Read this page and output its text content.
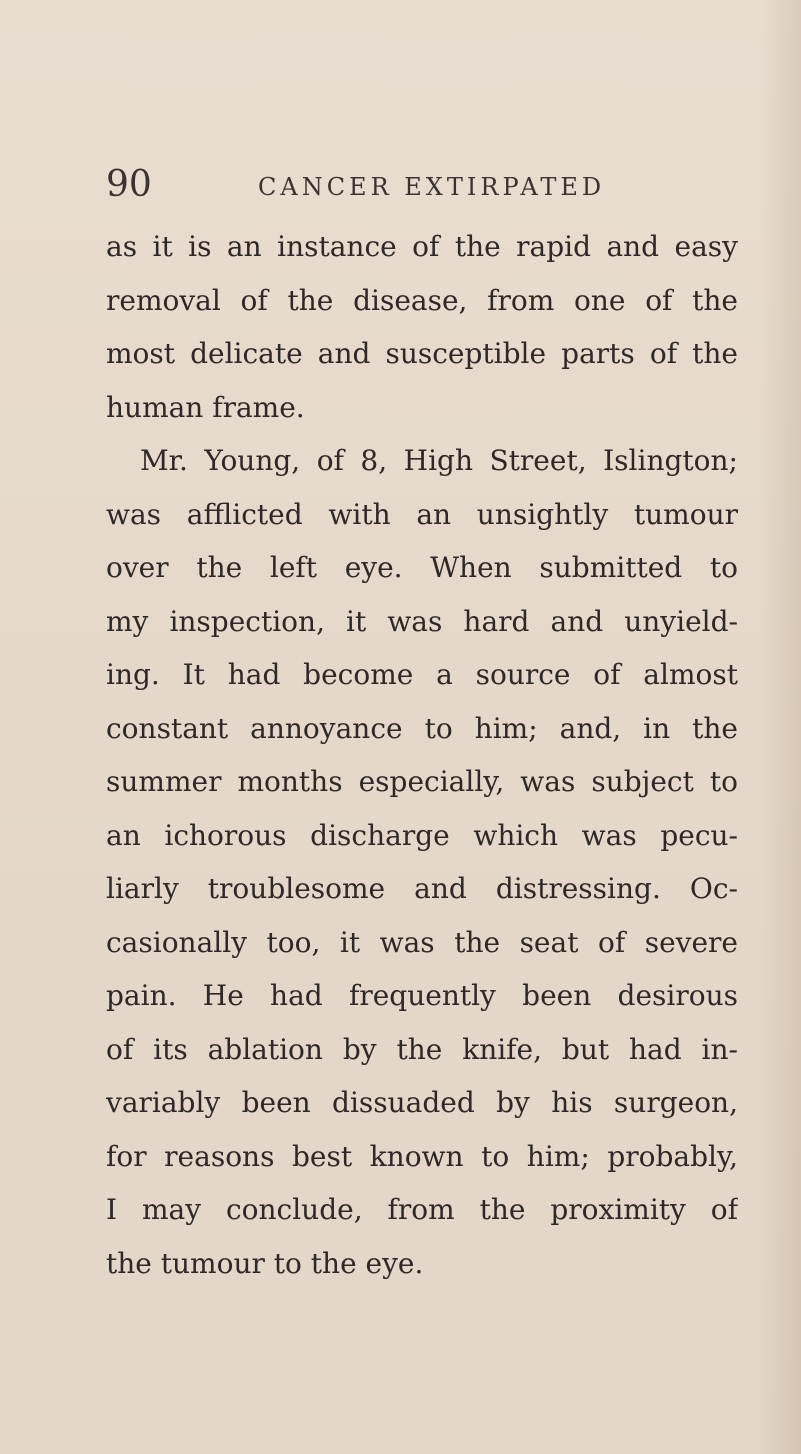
90	CANCER EXTIRPATED
as it is an instance of the rapid and easy
removal of the disease, from one of the
most delicate and susceptible parts of the
human frame.
Mr. Young, of 8, High Street, Islington;
was afflicted with an unsightly tumour
over the left eye. When submitted to
my inspection, it was hard and unyield-
ing. It had become a source of almost
constant annoyance to him; and, in the
summer months especially, was subject to
an ichorous discharge which was pecu-
liarly troublesome and distressing. Oc-
casionally too, it was the seat of severe
pain. He had frequently been desirous
of its ablation by the knife, but had in-
variably been dissuaded by his surgeon,
for reasons best known to him; probably,
I may conclude, from the proximity of
the tumour to the eye.
